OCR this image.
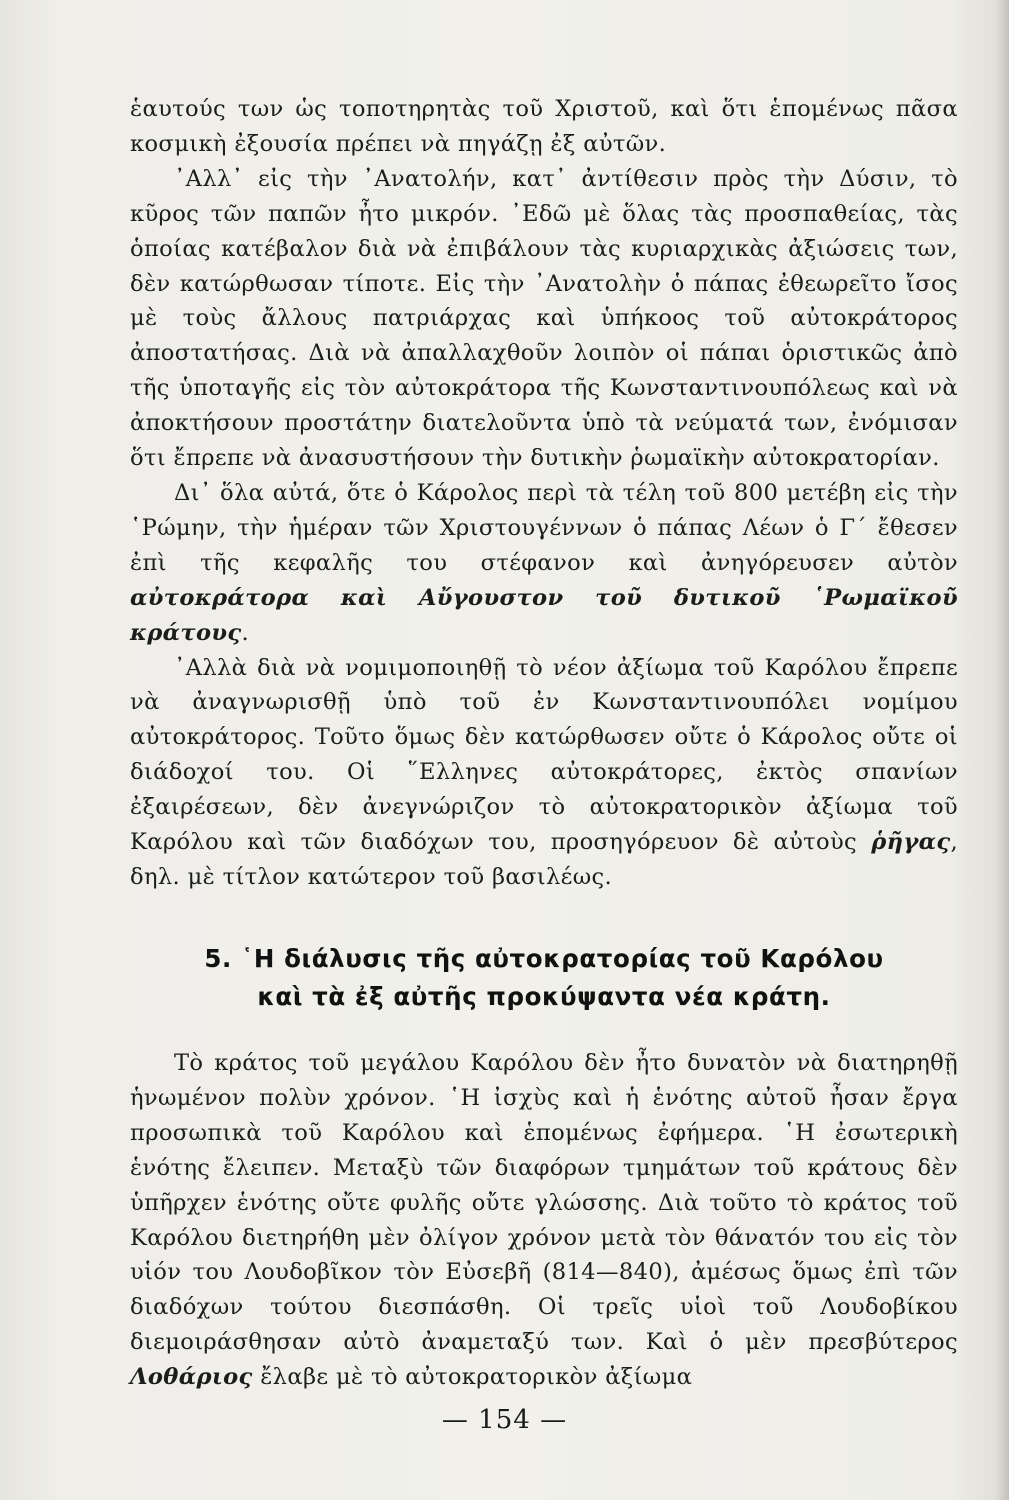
ἑαυτούς των ὡς τοποτηρητὰς τοῦ Χριστοῦ, καὶ ὅτι ἑπομένως πᾶσα κοσμικὴ ἐξουσία πρέπει νὰ πηγάζῃ ἐξ αὐτῶν.

᾿Αλλ᾽ εἰς τὴν ᾿Ανατολήν, κατ᾽ ἀντίθεσιν πρὸς τὴν Δύσιν, τὸ κῦρος τῶν παπῶν ἦτο μικρόν. ᾿Εδῶ μὲ ὅλας τὰς προσπαθείας, τὰς ὁποίας κατέβαλον διὰ νὰ ἐπιβάλουν τὰς κυριαρχικὰς ἀξιώσεις των, δὲν κατώρθωσαν τίποτε. Εἰς τὴν ᾿Ανατολὴν ὁ πάπας ἐθεωρεῖτο ἴσος μὲ τοὺς ἄλλους πατριάρχας καὶ ὑπήκοος τοῦ αὐτοκράτορος ἀποστατήσας. Διὰ νὰ ἀπαλλαχθοῦν λοιπὸν οἱ πάπαι ὁριστικῶς ἀπὸ τῆς ὑποταγῆς εἰς τὸν αὐτοκράτορα τῆς Κωνσταντινουπόλεως καὶ νὰ ἀποκτήσουν προστάτην διατελοῦντα ὑπὸ τὰ νεύματά των, ἐνόμισαν ὅτι ἔπρεπε νὰ ἀνασυστήσουν τὴν δυτικὴν ῥωμαϊκὴν αὐτοκρατορίαν.

Δι᾽ ὅλα αὐτά, ὅτε ὁ Κάρολος περὶ τὰ τέλη τοῦ 800 μετέβη εἰς τὴν ῾Ρώμην, τὴν ἡμέραν τῶν Χριστουγέννων ὁ πάπας Λέων ὁ Γ´ ἔθεσεν ἐπὶ τῆς κεφαλῆς του στέφανον καὶ ἀνηγόρευσεν αὐτὸν αὐτοκράτορα καὶ Αὔγουστον τοῦ δυτικοῦ ῾Ρωμαϊκοῦ κράτους.

᾿Αλλὰ διὰ νὰ νομιμοποιηθῇ τὸ νέον ἀξίωμα τοῦ Καρόλου ἔπρεπε νὰ ἀναγνωρισθῇ ὑπὸ τοῦ ἐν Κωνσταντινουπόλει νομίμου αὐτοκράτορος. Τοῦτο ὅμως δὲν κατώρθωσεν οὔτε ὁ Κάρολος οὔτε οἱ διάδοχοί του. Οἱ ῞Ελληνες αὐτοκράτορες, ἐκτὸς σπανίων ἐξαιρέσεων, δὲν ἀνεγνώριζον τὸ αὐτοκρατορικὸν ἀξίωμα τοῦ Καρόλου καὶ τῶν διαδόχων του, προσηγόρευον δὲ αὐτοὺς ῥῆγας, δηλ. μὲ τίτλον κατώτερον τοῦ βασιλέως.

5. ῾Η διάλυσις τῆς αὐτοκρατορίας τοῦ Καρόλου
καὶ τὰ ἐξ αὐτῆς προκύψαντα νέα κράτη.

Τὸ κράτος τοῦ μεγάλου Καρόλου δὲν ἦτο δυνατὸν νὰ διατηρηθῇ ἡνωμένον πολὺν χρόνον. ῾Η ἰσχὺς καὶ ἡ ἑνότης αὐτοῦ ἦσαν ἔργα προσωπικὰ τοῦ Καρόλου καὶ ἑπομένως ἐφήμερα. ῾Η ἐσωτερικὴ ἑνότης ἔλειπεν. Μεταξὺ τῶν διαφόρων τμημάτων τοῦ κράτους δὲν ὑπῆρχεν ἑνότης οὔτε φυλῆς οὔτε γλώσσης. Διὰ τοῦτο τὸ κράτος τοῦ Καρόλου διετηρήθη μὲν ὀλίγον χρόνον μετὰ τὸν θάνατόν του εἰς τὸν υἱόν του Λουδοβῖκον τὸν Εὐσεβῆ (814—840), ἀμέσως ὅμως ἐπὶ τῶν διαδόχων τούτου διεσπάσθη. Οἱ τρεῖς υἱοὶ τοῦ Λουδοβίκου διεμοιράσθησαν αὐτὸ ἀναμεταξύ των. Καὶ ὁ μὲν πρεσβύτερος Λοθάριος ἔλαβε μὲ τὸ αὐτοκρατορικὸν ἀξίωμα

— 154 —
